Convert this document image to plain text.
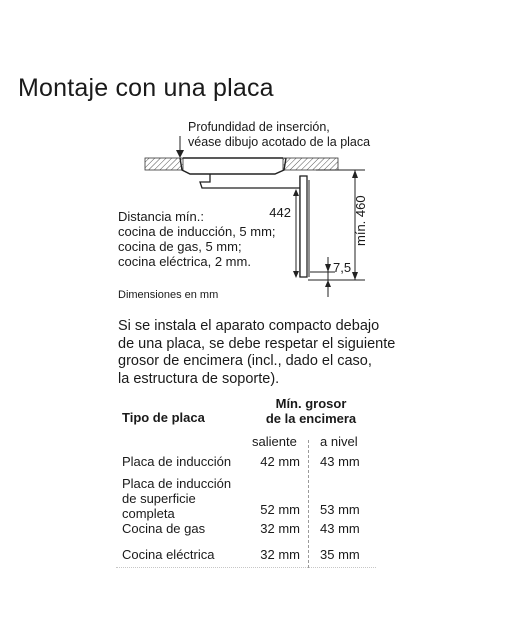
Montaje con una placa
442	mín. 460
7,5
Profundidad de inserción,
véase dibujo acotado de la placa
Distancia mín.:
cocina de inducción, 5 mm;
cocina de gas, 5 mm;
cocina eléctrica, 2 mm.
Dimensiones en mm
Si se instala el aparato compacto debajo
de una placa, se debe respetar el siguiente
grosor de encimera (incl., dado el caso,
la estructura de soporte).
Tipo de placa
Mín. grosor
de la encimera
saliente a nivel
Placa de inducción	42 mm 43 mm
Placa de inducción
de superficie
completa	52 mm 53 mm
Cocina de gas	32 mm 43 mm
Cocina eléctrica	32 mm 35 mm
